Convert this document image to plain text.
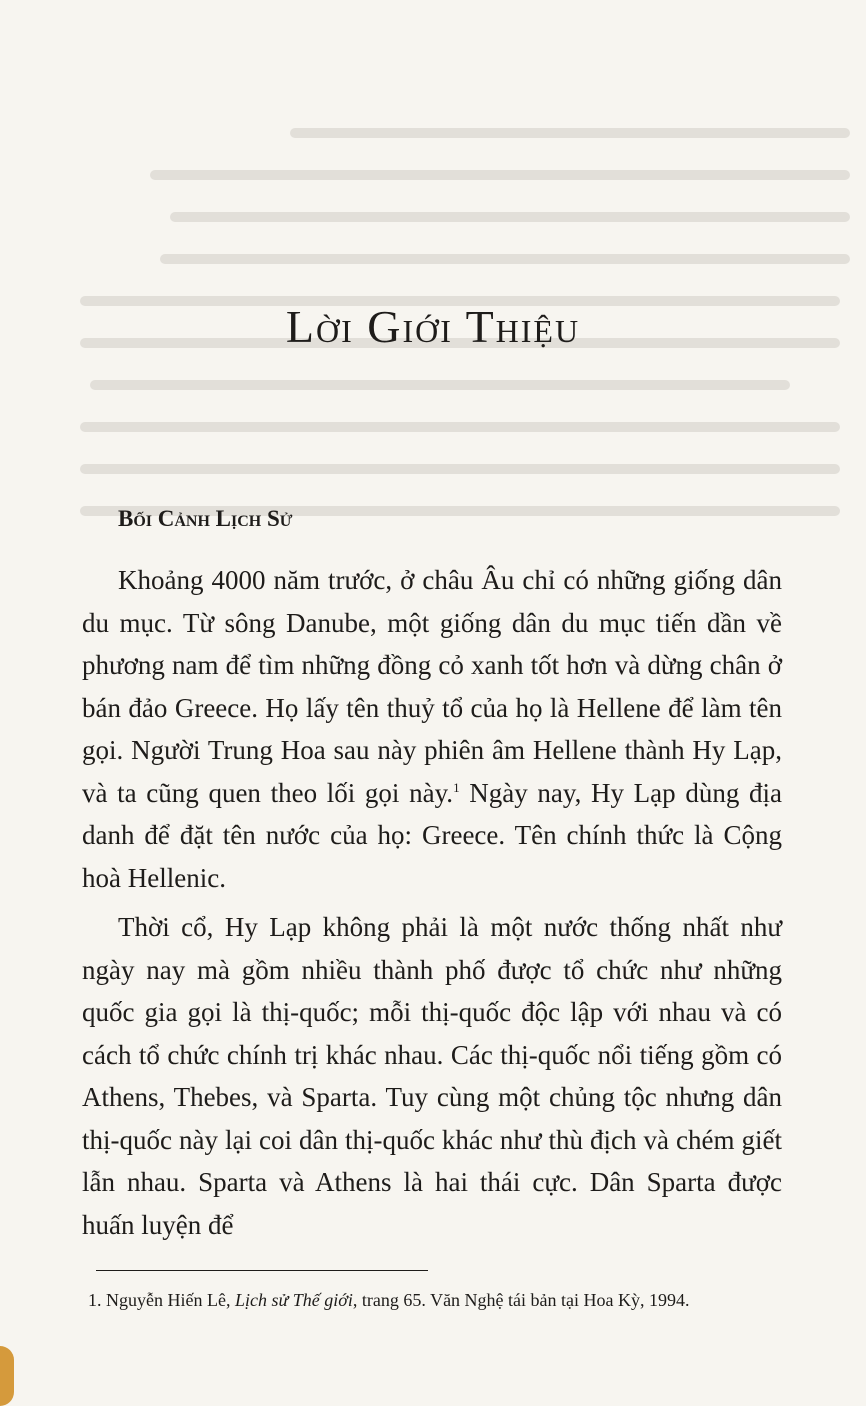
Lời Giới Thiệu
Bối Cảnh Lịch Sử

Khoảng 4000 năm trước, ở châu Âu chỉ có những giống dân du mục. Từ sông Danube, một giống dân du mục tiến dần về phương nam để tìm những đồng cỏ xanh tốt hơn và dừng chân ở bán đảo Greece. Họ lấy tên thuỷ tổ của họ là Hellene để làm tên gọi. Người Trung Hoa sau này phiên âm Hellene thành Hy Lạp, và ta cũng quen theo lối gọi này.$^1$ Ngày nay, Hy Lạp dùng địa danh để đặt tên nước của họ: Greece. Tên chính thức là Cộng hoà Hellenic.

Thời cổ, Hy Lạp không phải là một nước thống nhất như ngày nay mà gồm nhiều thành phố được tổ chức như những quốc gia gọi là thị-quốc; mỗi thị-quốc độc lập với nhau và có cách tổ chức chính trị khác nhau. Các thị-quốc nổi tiếng gồm có Athens, Thebes, và Sparta. Tuy cùng một chủng tộc nhưng dân thị-quốc này lại coi dân thị-quốc khác như thù địch và chém giết lẫn nhau. Sparta và Athens là hai thái cực. Dân Sparta được huấn luyện để

1. Nguyễn Hiến Lê, Lịch sử Thế giới, trang 65. Văn Nghệ tái bản tại Hoa Kỳ, 1994.
